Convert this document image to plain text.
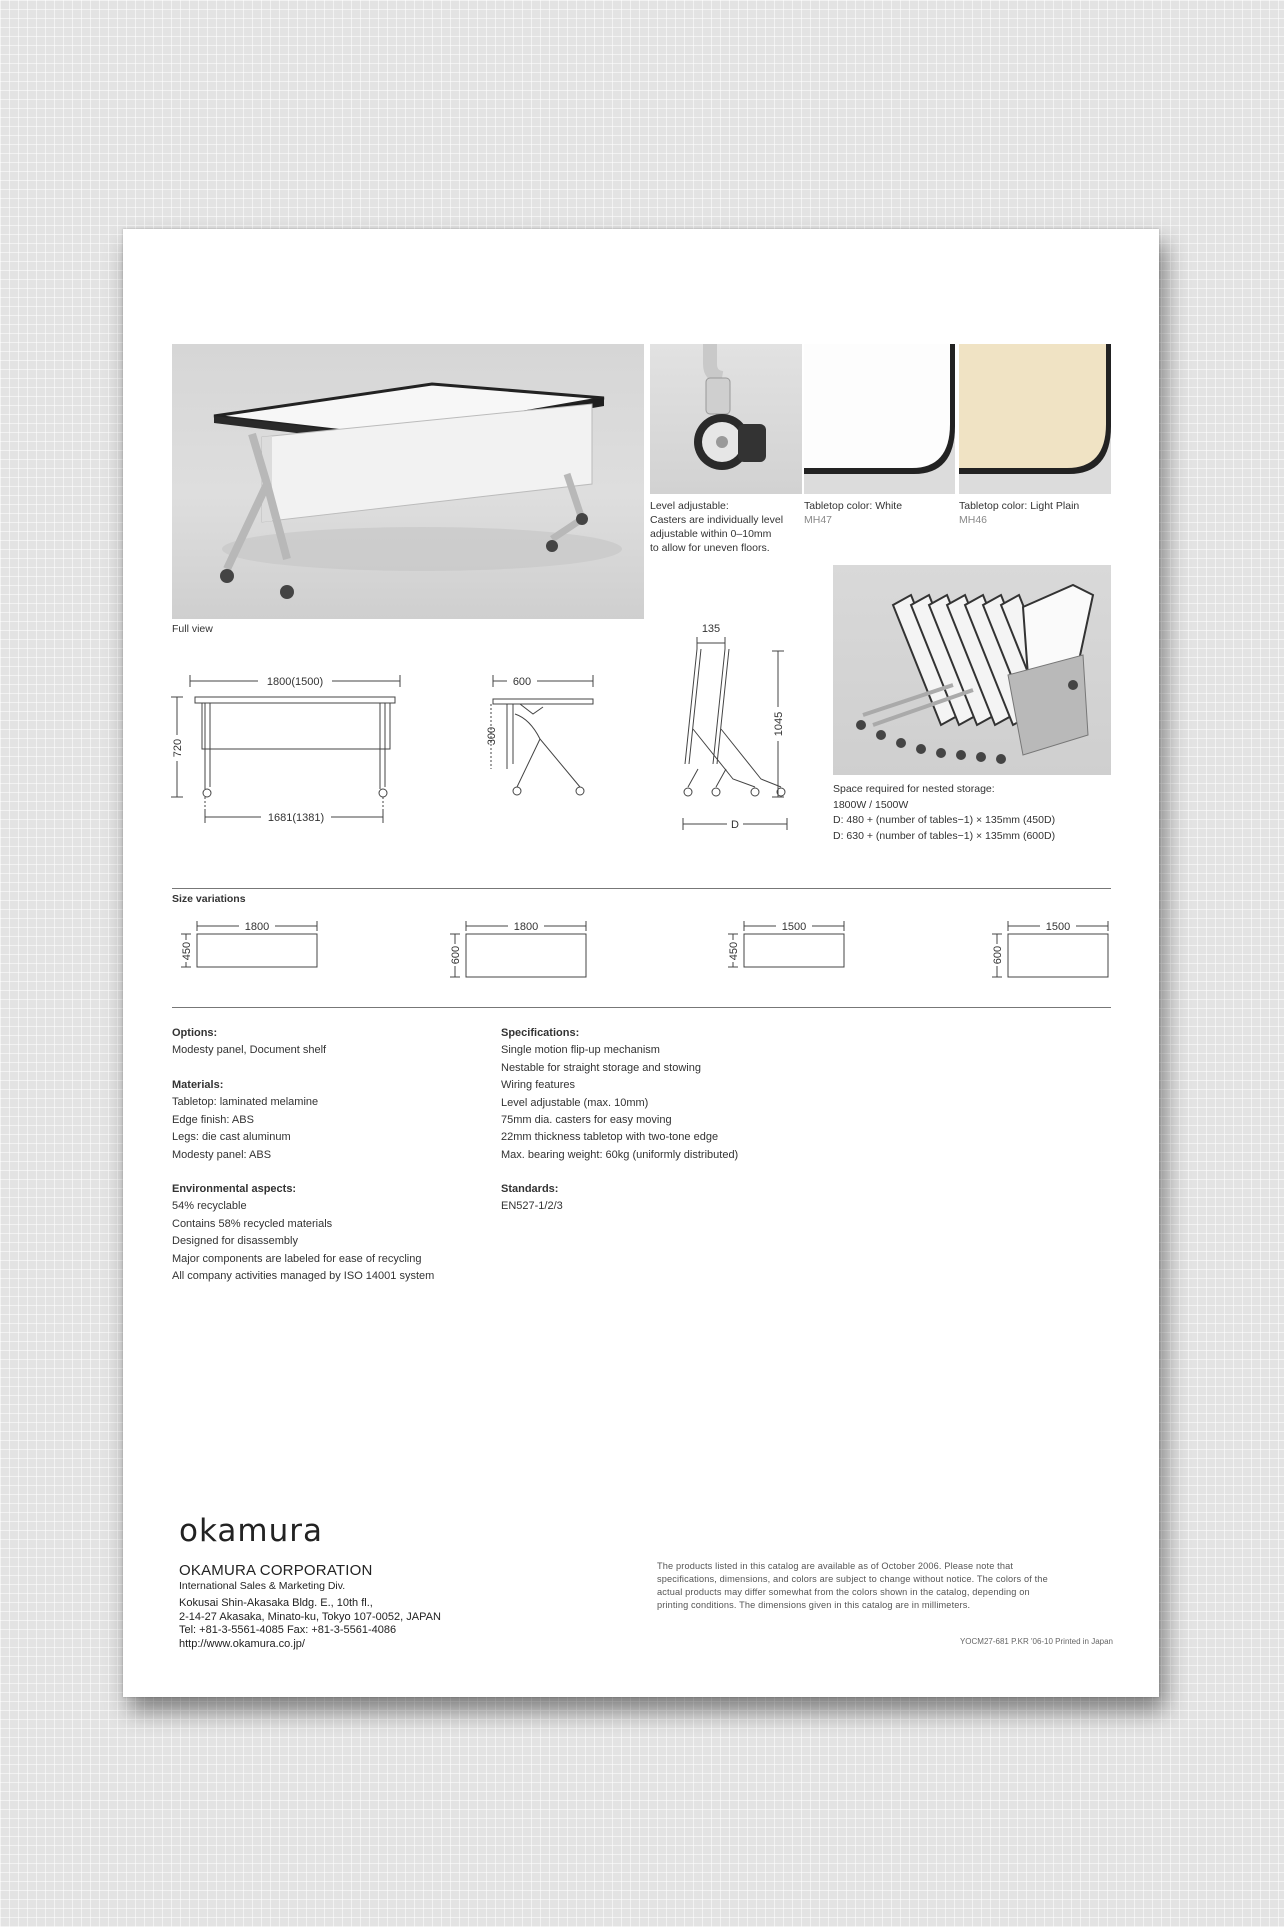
Full view
Level adjustable:
Casters are individually level
adjustable within 0–10mm
to allow for uneven floors.
Tabletop color: White
MH47
Tabletop color: Light Plain
MH46
1800(1500)
720
1681(1381)
600
300
135
1045
D
Space required for nested storage:
1800W / 1500W
D: 480 + (number of tables−1) × 135mm (450D)
D: 630 + (number of tables−1) × 135mm (600D)
Size variations
1800
450
1800
600
1500
450
1500
600
Options:
Modesty panel, Document shelf
Materials:
Tabletop: laminated melamine
Edge finish: ABS
Legs: die cast aluminum
Modesty panel: ABS
Environmental aspects:
54% recyclable
Contains 58% recycled materials
Designed for disassembly
Major components are labeled for ease of recycling
All company activities managed by ISO 14001 system
Specifications:
Single motion flip-up mechanism
Nestable for straight storage and stowing
Wiring features
Level adjustable (max. 10mm)
75mm dia. casters for easy moving
22mm thickness tabletop with two-tone edge
Max. bearing weight: 60kg (uniformly distributed)
Standards:
EN527-1/2/3
okamura
OKAMURA CORPORATION
International Sales & Marketing Div.
Kokusai Shin-Akasaka Bldg. E., 10th fl.,
2-14-27 Akasaka, Minato-ku, Tokyo 107-0052, JAPAN
Tel: +81-3-5561-4085 Fax: +81-3-5561-4086
http://www.okamura.co.jp/
The products listed in this catalog are available as of October 2006. Please note that
specifications, dimensions, and colors are subject to change without notice. The colors of the
actual products may differ somewhat from the colors shown in the catalog, depending on
printing conditions. The dimensions given in this catalog are in millimeters.
YOCM27-681 P.KR '06-10 Printed in Japan
